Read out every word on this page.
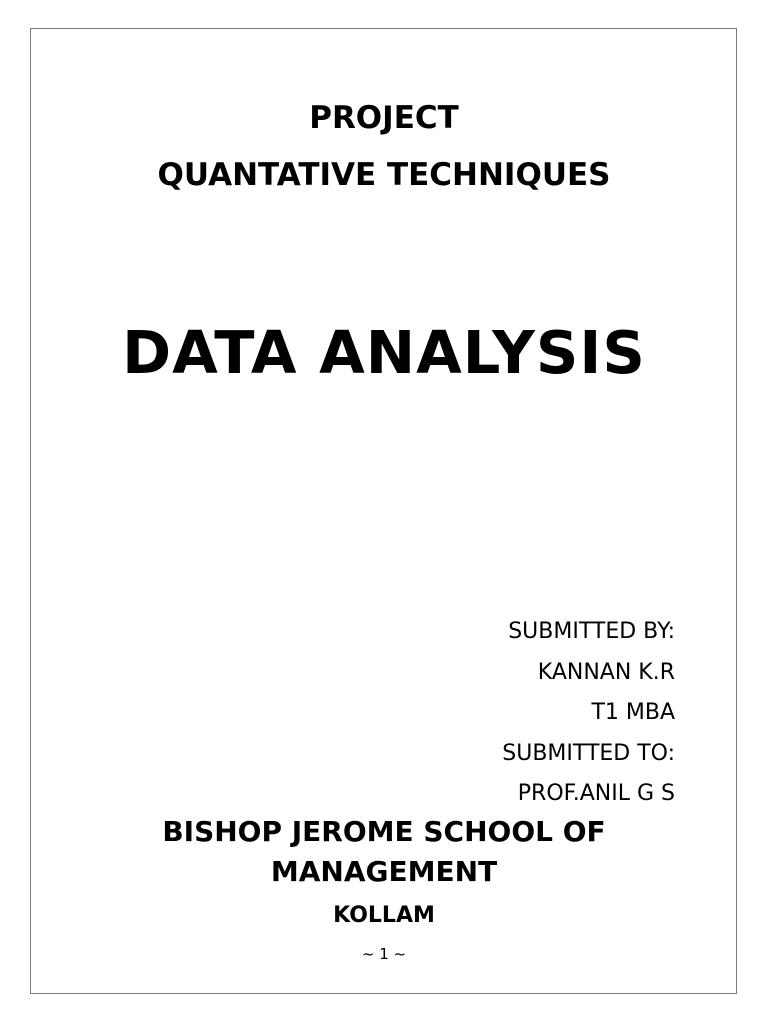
PROJECT
QUANTATIVE TECHNIQUES
DATA ANALYSIS
SUBMITTED BY:
KANNAN K.R
T1 MBA
SUBMITTED TO:
PROF.ANIL G S
BISHOP JEROME SCHOOL OF
MANAGEMENT
KOLLAM
~ 1 ~
